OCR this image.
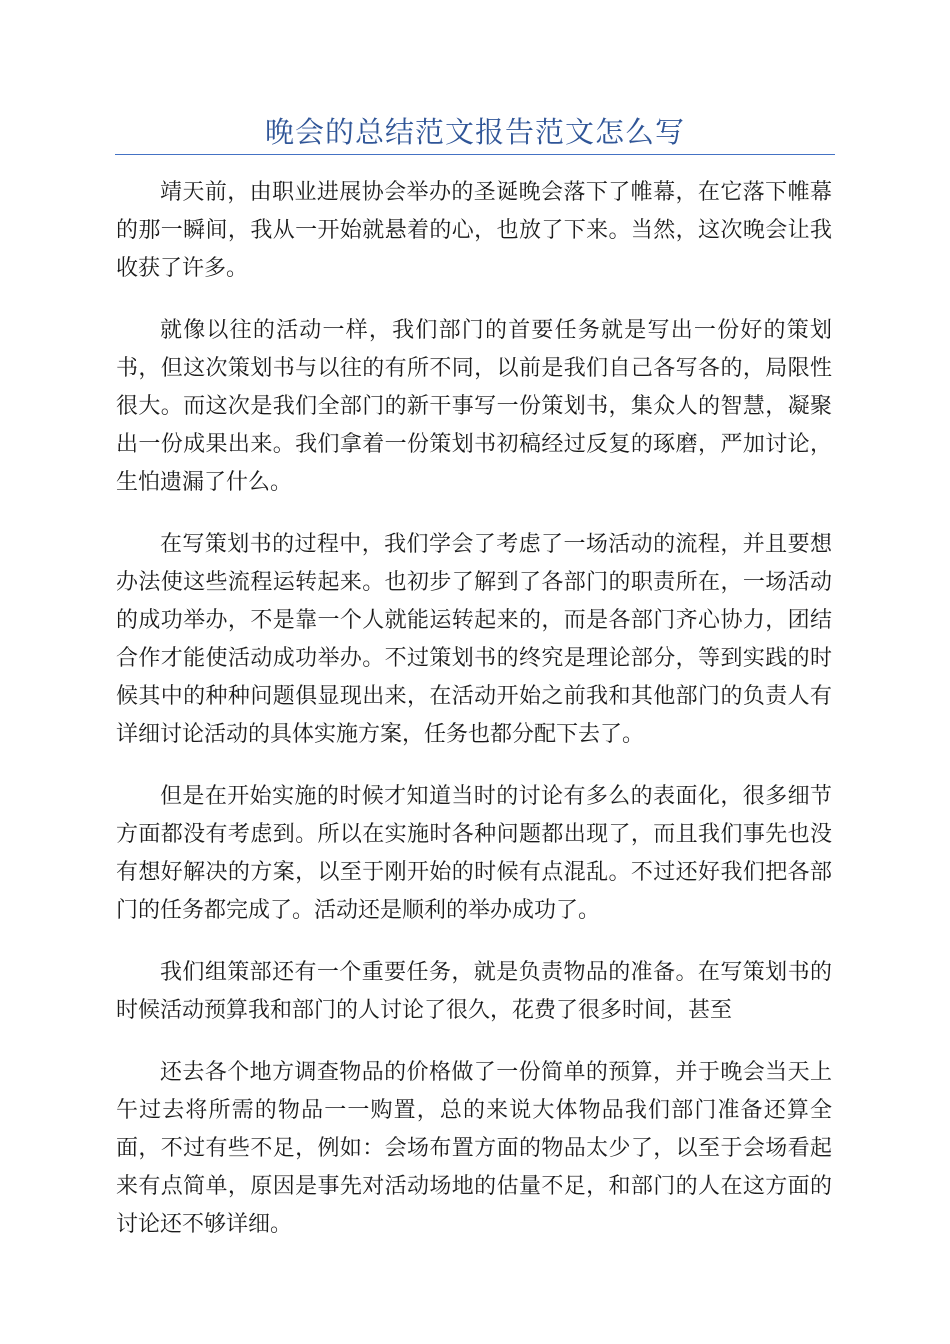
晚会的总结范文报告范文怎么写

靖天前，由职业进展协会举办的圣诞晚会落下了帷幕，在它落下帷幕的那一瞬间，我从一开始就悬着的心，也放了下来。当然，这次晚会让我收获了许多。

就像以往的活动一样，我们部门的首要任务就是写出一份好的策划书，但这次策划书与以往的有所不同，以前是我们自己各写各的，局限性很大。而这次是我们全部门的新干事写一份策划书，集众人的智慧，凝聚出一份成果出来。我们拿着一份策划书初稿经过反复的琢磨，严加讨论，生怕遗漏了什么。

在写策划书的过程中，我们学会了考虑了一场活动的流程，并且要想办法使这些流程运转起来。也初步了解到了各部门的职责所在，一场活动的成功举办，不是靠一个人就能运转起来的，而是各部门齐心协力，团结合作才能使活动成功举办。不过策划书的终究是理论部分，等到实践的时候其中的种种问题俱显现出来，在活动开始之前我和其他部门的负责人有详细讨论活动的具体实施方案，任务也都分配下去了。

但是在开始实施的时候才知道当时的讨论有多么的表面化，很多细节方面都没有考虑到。所以在实施时各种问题都出现了，而且我们事先也没有想好解决的方案，以至于刚开始的时候有点混乱。不过还好我们把各部门的任务都完成了。活动还是顺利的举办成功了。

我们组策部还有一个重要任务，就是负责物品的准备。在写策划书的时候活动预算我和部门的人讨论了很久，花费了很多时间，甚至

还去各个地方调查物品的价格做了一份简单的预算，并于晚会当天上午过去将所需的物品一一购置，总的来说大体物品我们部门准备还算全面，不过有些不足，例如：会场布置方面的物品太少了，以至于会场看起来有点简单，原因是事先对活动场地的估量不足，和部门的人在这方面的讨论还不够详细。
